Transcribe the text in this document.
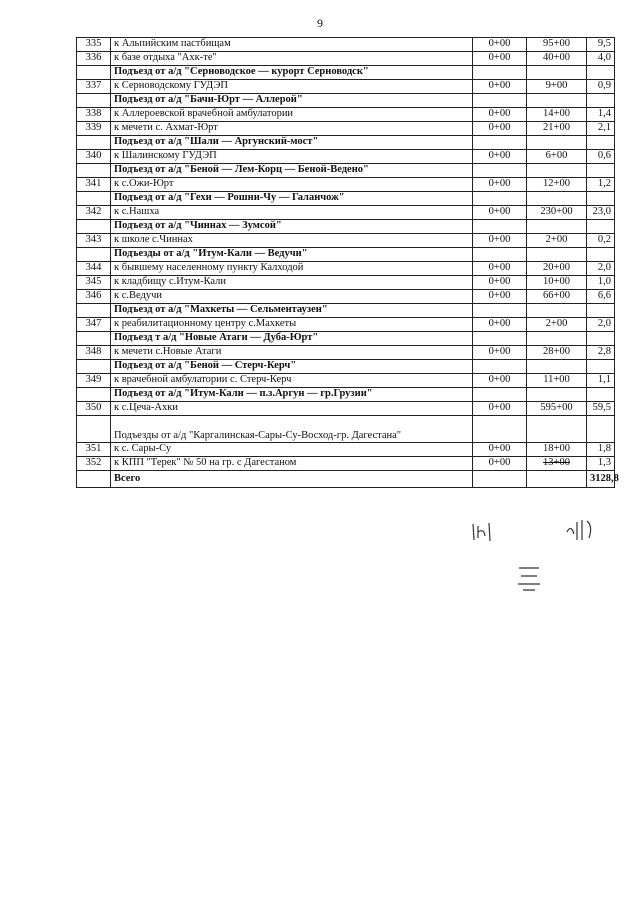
9
335	к Альпийским пастбищам	0+00	95+00	9,5
336	к базе отдыха "Ахк-те"	0+00	40+00	4,0
	Подъезд от а/д "Серноводское — курорт Серноводск"			
337	к Серноводскому ГУДЭП	0+00	9+00	0,9
	Подъезд от а/д "Бачи-Юрт — Аллерой"			
338	к Аллероевской врачебной амбулатории	0+00	14+00	1,4
339	к мечети с. Ахмат-Юрт	0+00	21+00	2,1
	Подъезд от а/д "Шали — Аргунский-мост"			
340	к Шалинскому ГУДЭП	0+00	6+00	0,6
	Подъезд от а/д "Беной — Лем-Корц — Беной-Ведено"			
341	к с.Ожи-Юрт	0+00	12+00	1,2
	Подъезд от а/д "Гехи — Рошни-Чу — Галанчож"			
342	к с.Нашха	0+00	230+00	23,0
	Подъезд от а/д "Чиннах — Зумсой"			
343	к школе с.Чиннах	0+00	2+00	0,2
	Подъезды от а/д "Итум-Кали — Ведучи"			
344	к бывшему населенному пункту Калходой	0+00	20+00	2,0
345	к кладбищу с.Итум-Кали	0+00	10+00	1,0
346	к с.Ведучи	0+00	66+00	6,6
	Подъезд от а/д "Махкеты — Сельментаузен"			
347	к реабилитационному центру с.Махкеты	0+00	2+00	2,0
	Подъезд т а/д "Новые Атаги — Дуба-Юрт"			
348	к мечети с.Новые Атаги	0+00	28+00	2,8
	Подъезд от а/д "Беной — Стерч-Керч"			
349	к врачебной амбулатории с. Стерч-Керч	0+00	11+00	1,1
	Подъезд от а/д "Итум-Кали — п.з.Аргун — гр.Грузии"			
350	к с.Цеча-Ахки	0+00	595+00	59,5
	Подъезды от а/д "Каргалинская-Сары-Су-Восход-гр. Дагестана"			
351	к с. Сары-Су	0+00	18+00	1,8
352	к КПП "Терек" № 50 на гр. с Дагестаном	0+00	13+00	1,3
	Всего			3128,8
